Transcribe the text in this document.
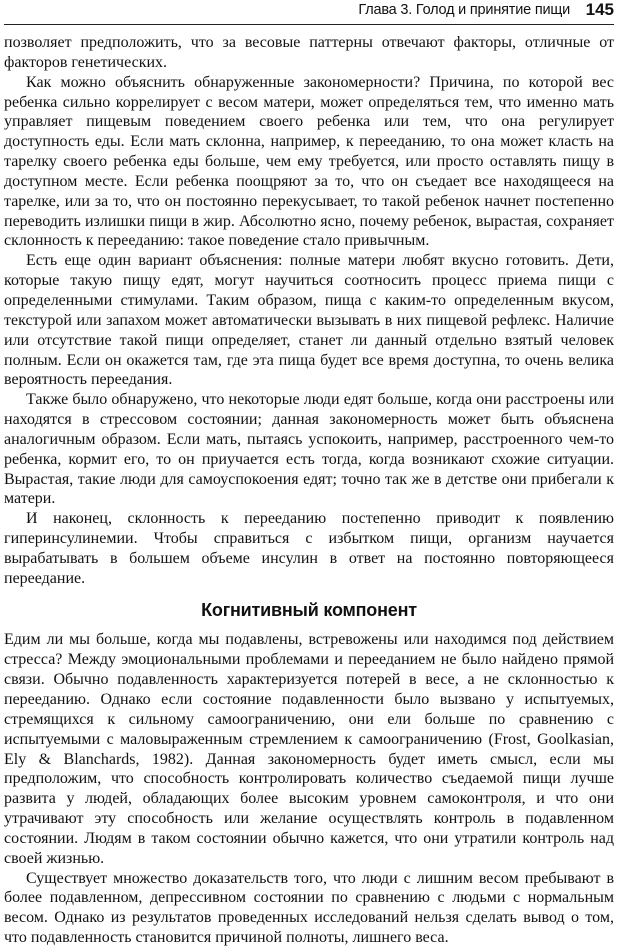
Глава 3. Голод и принятие пищи 145

позволяет предположить, что за весовые паттерны отвечают факторы, отличные от факторов генетических.

Как можно объяснить обнаруженные закономерности? Причина, по которой вес ребенка сильно коррелирует с весом матери, может определяться тем, что именно мать управляет пищевым поведением своего ребенка или тем, что она регулирует доступность еды. Если мать склонна, например, к перееданию, то она может класть на тарелку своего ребенка еды больше, чем ему требуется, или просто оставлять пищу в доступном месте. Если ребенка поощряют за то, что он съедает все находящееся на тарелке, или за то, что он постоянно перекусывает, то такой ребенок начнет постепенно переводить излишки пищи в жир. Абсолютно ясно, почему ребенок, вырастая, сохраняет склонность к перееданию: такое поведение стало привычным.

Есть еще один вариант объяснения: полные матери любят вкусно готовить. Дети, которые такую пищу едят, могут научиться соотносить процесс приема пищи с определенными стимулами. Таким образом, пища с каким-то определенным вкусом, текстурой или запахом может автоматически вызывать в них пищевой рефлекс. Наличие или отсутствие такой пищи определяет, станет ли данный отдельно взятый человек полным. Если он окажется там, где эта пища будет все время доступна, то очень велика вероятность переедания.

Также было обнаружено, что некоторые люди едят больше, когда они расстроены или находятся в стрессовом состоянии; данная закономерность может быть объяснена аналогичным образом. Если мать, пытаясь успокоить, например, расстроенного чем-то ребенка, кормит его, то он приучается есть тогда, когда возникают схожие ситуации. Вырастая, такие люди для самоуспокоения едят; точно так же в детстве они прибегали к матери.

И наконец, склонность к перееданию постепенно приводит к появлению гиперинсулинемии. Чтобы справиться с избытком пищи, организм научается вырабатывать в большем объеме инсулин в ответ на постоянно повторяющееся переедание.

Когнитивный компонент

Едим ли мы больше, когда мы подавлены, встревожены или находимся под действием стресса? Между эмоциональными проблемами и перееданием не было найдено прямой связи. Обычно подавленность характеризуется потерей в весе, а не склонностью к перееданию. Однако если состояние подавленности было вызвано у испытуемых, стремящихся к сильному самоограничению, они ели больше по сравнению с испытуемыми с маловыраженным стремлением к самоограничению (Frost, Goolkasian, Ely & Blanchards, 1982). Данная закономерность будет иметь смысл, если мы предположим, что способность контролировать количество съедаемой пищи лучше развита у людей, обладающих более высоким уровнем самоконтроля, и что они утрачивают эту способность или желание осуществлять контроль в подавленном состоянии. Людям в таком состоянии обычно кажется, что они утратили контроль над своей жизнью.

Существует множество доказательств того, что люди с лишним весом пребывают в более подавленном, депрессивном состоянии по сравнению с людьми с нормальным весом. Однако из результатов проведенных исследований нельзя сделать вывод о том, что подавленность становится причиной полноты, лишнего веса.
